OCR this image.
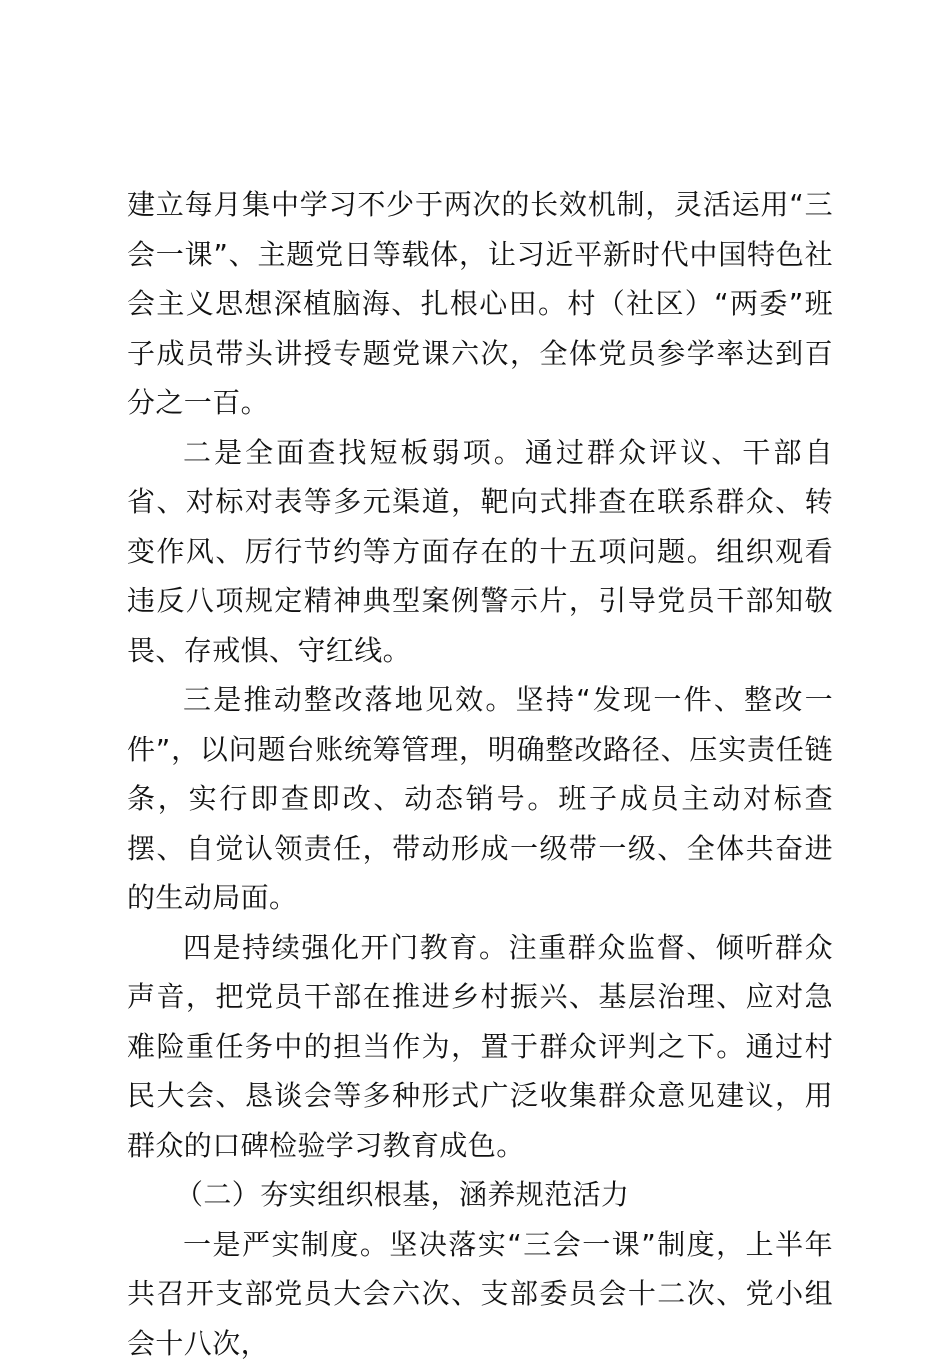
建立每月集中学习不少于两次的长效机制，灵活运用“三会一课”、主题党日等载体，让习近平新时代中国特色社会主义思想深植脑海、扎根心田。村（社区）“两委”班子成员带头讲授专题党课六次，全体党员参学率达到百分之一百。

二是全面查找短板弱项。通过群众评议、干部自省、对标对表等多元渠道，靶向式排查在联系群众、转变作风、厉行节约等方面存在的十五项问题。组织观看违反八项规定精神典型案例警示片，引导党员干部知敬畏、存戒惧、守红线。

三是推动整改落地见效。坚持“发现一件、整改一件”，以问题台账统筹管理，明确整改路径、压实责任链条，实行即查即改、动态销号。班子成员主动对标查摆、自觉认领责任，带动形成一级带一级、全体共奋进的生动局面。

四是持续强化开门教育。注重群众监督、倾听群众声音，把党员干部在推进乡村振兴、基层治理、应对急难险重任务中的担当作为，置于群众评判之下。通过村民大会、恳谈会等多种形式广泛收集群众意见建议，用群众的口碑检验学习教育成色。

（二）夯实组织根基，涵养规范活力

一是严实制度。坚决落实“三会一课”制度，上半年共召开支部党员大会六次、支部委员会十二次、党小组会十八次，
